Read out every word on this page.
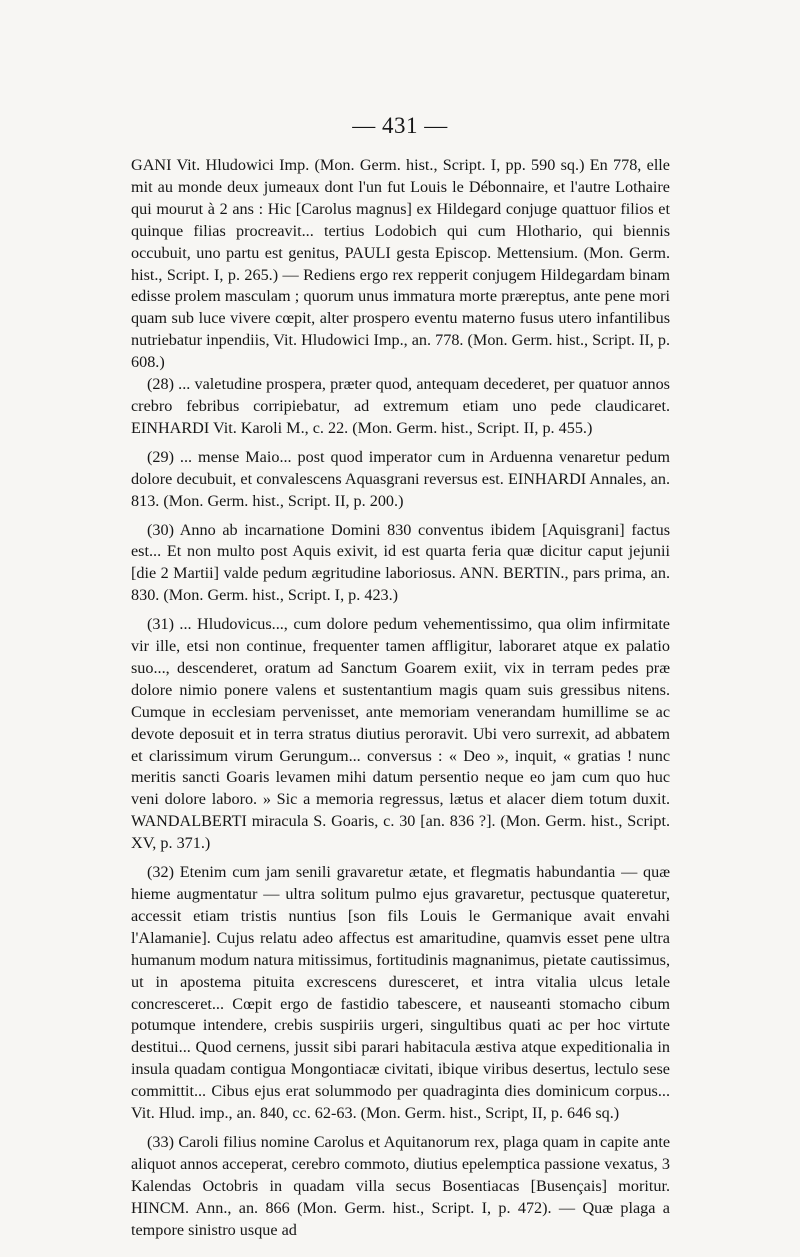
— 431 —

GANI Vit. Hludowici Imp. (Mon. Germ. hist., Script. I, pp. 590 sq.) En 778, elle mit au monde deux jumeaux dont l'un fut Louis le Débonnaire, et l'autre Lothaire qui mourut à 2 ans : Hic [Carolus magnus] ex Hildegard conjuge quattuor filios et quinque filias procreavit... tertius Lodobich qui cum Hlothario, qui biennis occubuit, uno partu est genitus, PAULI gesta Episcop. Mettensium. (Mon. Germ. hist., Script. I, p. 265.) — Rediens ergo rex repperit conjugem Hildegardam binam edisse prolem masculam ; quorum unus immatura morte præreptus, ante pene mori quam sub luce vivere cœpit, alter prospero eventu materno fusus utero infantilibus nutriebatur inpendiis, Vit. Hludowici Imp., an. 778. (Mon. Germ. hist., Script. II, p. 608.)

(28) ... valetudine prospera, præter quod, antequam decederet, per quatuor annos crebro febribus corripiebatur, ad extremum etiam uno pede claudicaret. EINHARDI Vit. Karoli M., c. 22. (Mon. Germ. hist., Script. II, p. 455.)

(29) ... mense Maio... post quod imperator cum in Arduenna venaretur pedum dolore decubuit, et convalescens Aquasgrani reversus est. EINHARDI Annales, an. 813. (Mon. Germ. hist., Script. II, p. 200.)

(30) Anno ab incarnatione Domini 830 conventus ibidem [Aquisgrani] factus est... Et non multo post Aquis exivit, id est quarta feria quæ dicitur caput jejunii [die 2 Martii] valde pedum ægritudine laboriosus. ANN. BERTIN., pars prima, an. 830. (Mon. Germ. hist., Script. I, p. 423.)

(31) ... Hludovicus..., cum dolore pedum vehementissimo, qua olim infirmitate vir ille, etsi non continue, frequenter tamen affligitur, laboraret atque ex palatio suo..., descenderet, oratum ad Sanctum Goarem exiit, vix in terram pedes præ dolore nimio ponere valens et sustentantium magis quam suis gressibus nitens. Cumque in ecclesiam pervenisset, ante memoriam venerandam humillime se ac devote deposuit et in terra stratus diutius peroravit. Ubi vero surrexit, ad abbatem et clarissimum virum Gerungum... conversus : « Deo », inquit, « gratias ! nunc meritis sancti Goaris levamen mihi datum persentio neque eo jam cum quo huc veni dolore laboro. » Sic a memoria regressus, lætus et alacer diem totum duxit. WANDALBERTI miracula S. Goaris, c. 30 [an. 836 ?]. (Mon. Germ. hist., Script. XV, p. 371.)

(32) Etenim cum jam senili gravaretur ætate, et flegmatis habundantia — quæ hieme augmentatur — ultra solitum pulmo ejus gravaretur, pectusque quateretur, accessit etiam tristis nuntius [son fils Louis le Germanique avait envahi l'Alamanie]. Cujus relatu adeo affectus est amaritudine, quamvis esset pene ultra humanum modum natura mitissimus, fortitudinis magnanimus, pietate cautissimus, ut in apostema pituita excrescens duresceret, et intra vitalia ulcus letale concresceret... Cœpit ergo de fastidio tabescere, et nauseanti stomacho cibum potumque intendere, crebis suspiriis urgeri, singultibus quati ac per hoc virtute destitui... Quod cernens, jussit sibi parari habitacula æstiva atque expeditionalia in insula quadam contigua Mongontiacæ civitati, ibique viribus desertus, lectulo sese committit... Cibus ejus erat solummodo per quadraginta dies dominicum corpus... Vit. Hlud. imp., an. 840, cc. 62-63. (Mon. Germ. hist., Script, II, p. 646 sq.)

(33) Caroli filius nomine Carolus et Aquitanorum rex, plaga quam in capite ante aliquot annos acceperat, cerebro commoto, diutius epelemptica passione vexatus, 3 Kalendas Octobris in quadam villa secus Bosentiacas [Busençais] moritur. HINCM. Ann., an. 866 (Mon. Germ. hist., Script. I, p. 472). — Quæ plaga a tempore sinistro usque ad
